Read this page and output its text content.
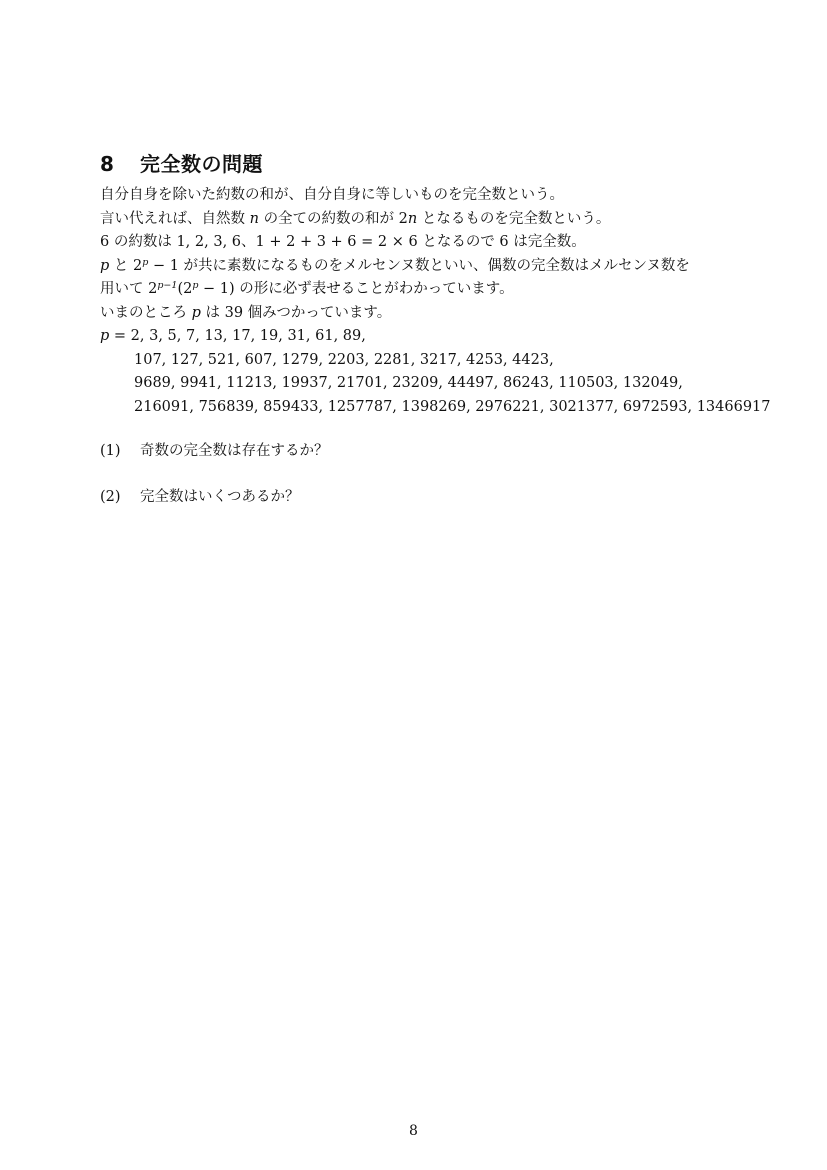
8 完全数の問題
自分自身を除いた約数の和が、自分自身に等しいものを完全数という。
言い代えれば、自然数 n の全ての約数の和が 2n となるものを完全数という。
6 の約数は 1, 2, 3, 6、1 + 2 + 3 + 6 = 2 × 6 となるので 6 は完全数。
p と $2^p - 1$ が共に素数になるものをメルセンヌ数といい、偶数の完全数はメルセンヌ数を
用いて $2^{p-1}(2^p - 1)$ の形に必ず表せることがわかっています。
いまのところ p は 39 個みつかっています。
p = 2, 3, 5, 7, 13, 17, 19, 31, 61, 89,
107, 127, 521, 607, 1279, 2203, 2281, 3217, 4253, 4423,
9689, 9941, 11213, 19937, 21701, 23209, 44497, 86243, 110503, 132049,
216091, 756839, 859433, 1257787, 1398269, 2976221, 3021377, 6972593, 13466917
(1) 奇数の完全数は存在するか？
(2) 完全数はいくつあるか？
8
